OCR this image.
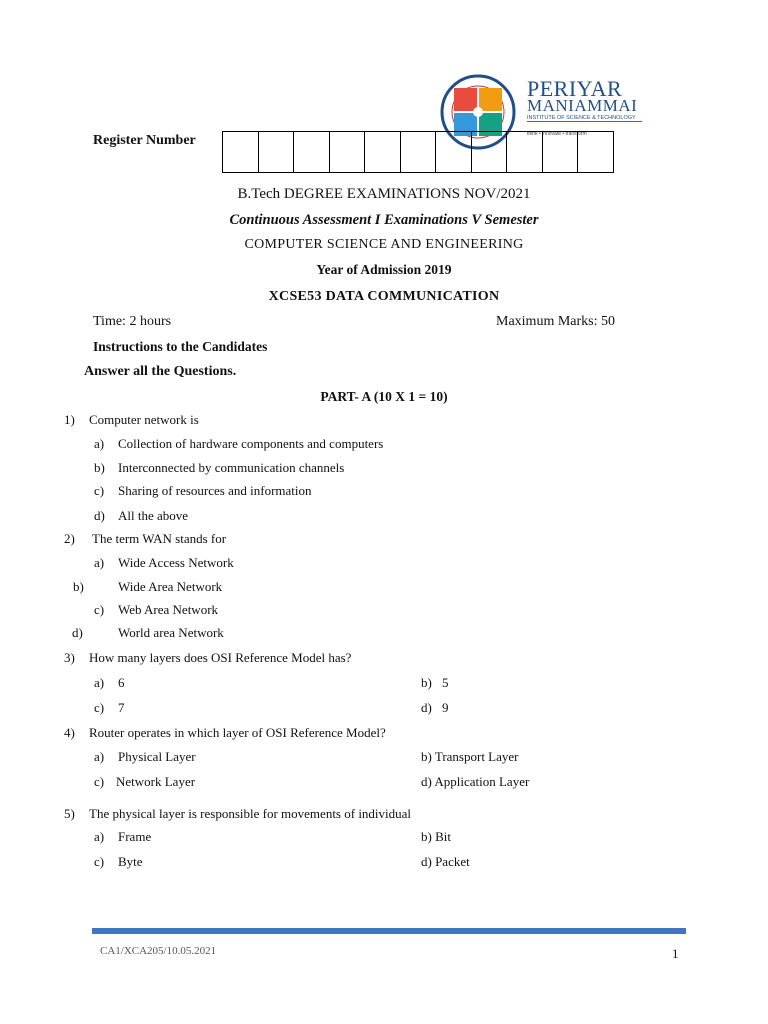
PERIYAR
MANIAMMAI
INSTITUTE OF SCIENCE & TECHNOLOGY
think • innovate • transform
Register Number
B.Tech DEGREE EXAMINATIONS NOV/2021
Continuous Assessment I Examinations V Semester
COMPUTER SCIENCE AND ENGINEERING
Year of Admission 2019
XCSE53 DATA COMMUNICATION
Time: 2 hours	Maximum Marks: 50
Instructions to the Candidates
Answer all the Questions.
PART- A (10 X 1 = 10)
1) Computer network is
a) Collection of hardware components and computers
b) Interconnected by communication channels
c) Sharing of resources and information
d) All the above
2) The term WAN stands for
a) Wide Access Network
b)	Wide Area Network
c) Web Area Network
d)	World area Network
3) How many layers does OSI Reference Model has?
a) 6	b) 5
c) 7	d) 9
4) Router operates in which layer of OSI Reference Model?
a) Physical Layer	b) Transport Layer
c) Network Layer	d) Application Layer
5) The physical layer is responsible for movements of individual
a) Frame	b) Bit
c) Byte	d) Packet
CA1/XCA205/10.05.2021	1
